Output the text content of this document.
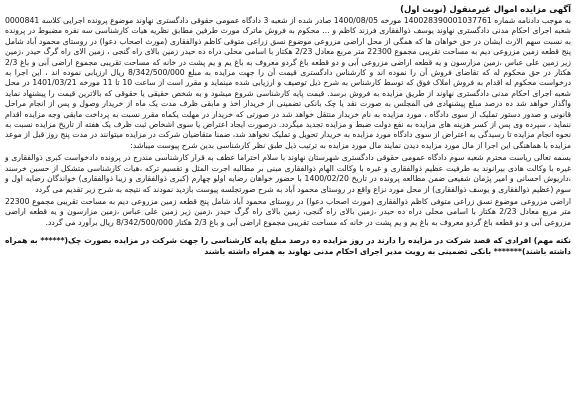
آگهی مزایده اموال غیرمنقول (نوبت اول)
به موجب دادنامه شماره 140028390001037761 مورخه 1400/08/05 صادر شده از شعبه 3 دادگاه عمومی حقوقی دادگستری نهاوند موضوع پرونده اجرایی کلاسه 0000841 شعبه اجرای احکام مدنی دادگستری نهاوند یوسف ذوالفقاری فرزند کاظم و ... محکوم به فروش ماترک مورث طرفین مطابق نظریه هیات کارشناسی سه نفره مضبوط در پرونده به نسبت سهم الارث ایشان در حق خواهان ها که همگی از محل اراضی مزروعی موضوع نسق زراعی متوفی کاظم ذوالفقاری (مورث اصحاب دعوا) در روستای محمود آباد شامل پنج قطعه زمین مزروعی دیم به مساحت تقریبی مجموع 22300 متر مربع معادل 2/23 هکتار با اسامی محلی دراه ده حیدر زمین بالای راه گنجی ، زمین الای راه گرگ حیدر ،زمین زیر زمین علی عباس ،زمین مزارسون و یه قطعه اراضی مزروعی آبی و دو قطعه باغ گردو معروف به باغ یم و یم پشت در خانه که مساحت تقریبی مجموع اراضی آبی و باغ 2/3 هکتار در حق محکوم له که تقاضای فروش آن را نموده اند و کارشناس دادگستری قیمت آن را جهت مزایده به مبلغ 8/342/500/000 ریال ارزیابی نموده اند ، این اجرا به درخواست محکوم له اقدام به فروش املاک فوق که توسط کارشناس به شرح ذیل توصیف و ارزیابی شده مینماید و مقرر است از ساعت 10 تا 11 مورخه 1401/03/21 در محل شعبه اجرای احکام مدنی دادگستری نهاوند از طریق مزایده به فروش برسد. قیمت پایه کارشناسی شروع میشود و به شخص حقیقی یا حقوقی که بالاترین قیمت را پیشنهاد نماید واگذار خواهد شد ده درصد مبلغ پیشنهادی فی المجلس به صورت نقد یا چک بانکی تضمینی از خریدار اخذ و مابقی ظرف مدت یک ماه از خریدار وصول و پس از انجام مراحل قانونی و صدور دستور تملیک از سوی دادگاه ، مورد مزایده به نام خریدار منتقل خواهد شد در صورتی که خریدار در مهلت یکماه مقرر نسبت به پرداخت مابقی وجه مزایده اقدام ننماید ، سپرده وی پس از کسر هزینه های مزایده به نفع دولت ضبط و مزایده تجدید میگردد. درصورت ایجاد اعتراض یا سوی اشخاص ثبت ظرف یک هفته از تاریخ مزایده نسبت به نحوه انجام مزایده تا رسیدگی به اعتراض از سوی دادگاه مورد مزایده به خریدار تحویل و تملیک نخواهد شد، ضمنا متقاضیان شرکت در مزایده میتوانند در مدت پنج روز قبل از موعد مزایده با هماهنگی این اجرا از مال مورد مزایده دیدن نمایند مال مورد مزایده به ترتیب ذیل طبق نظر کارشناسی بدین شرح پیوست میباشد:
بسمه تعالی ریاست محترم شعبه سوم دادگاه عمومی حقوقی دادگستری شهرستان نهاوند با سلام احتراما عطف به قرار کارشناسی مندرج در پرونده دادخواست کبری ذوالفقاری و غیره با وکالت هادی بیرانوند به طرفیت عظیم ذوالفقاری و غیره با وکالت الهام ذوالفقاری مبنی بر مطالبه اجرت المثل و تقسیم ترکه ،هیات کارشناسی متشکل از حسین خرسند ،داریوش احسانی و امیر پژمان شفیعی ضمن مطالعه پرونده در تاریخ 1400/02/20 با حضور خواهان رضایه اولو چهارم (کبری ذوالفقاری و زیبا ذوالفقاری) خواندگان رضایه اول و سوم (عظیم ذوالفقاری و یوسف ذوالفقاری) از محل مورد نزاع واقع در روستای محمود آباد به شرح صورتجلسه پیوست بازدید نمودند که نتیجه به شرح زیر تقدیم می گردد
اراضی مزروعی موضوع نسق زراعی متوفی کاظم ذوالفقاری (مورث اصحاب دعوا) در روستای محمود آباد شامل پنج قطعه زمین مزروعی دیم به مساحت تقریبی مجموع 22300 متر مربع معادل 2/23 هکتار با اسامی محلی دراه ده حیدر ،زمین بالای راه گنجی، زمین بالای راه گرگ حیدر ،زمین زیر زمین علی عباس ،زمین مزارسون و یه قطعه اراضی مزروعی آبی و دو قطعه باغ گردو معروف به باغ یم و یم پشت در خانه که مساحت تقریبی مجموع اراضی آبی و باغ 2/3 هکتار 8/342/500/000 ریال برآورد می گردد.
نکته مهم) افرادی که قصد شرکت در مزایده را دارند در روز مزایده ده درصد مبلغ پایه کارشناسی را جهت شرکت در مزایده بصورت چک(****** به همراه داشته باشند)******* بانکی تضمینی به رویت مدیر اجرای احکام مدنی نهاوند به همراه داشته باشند
